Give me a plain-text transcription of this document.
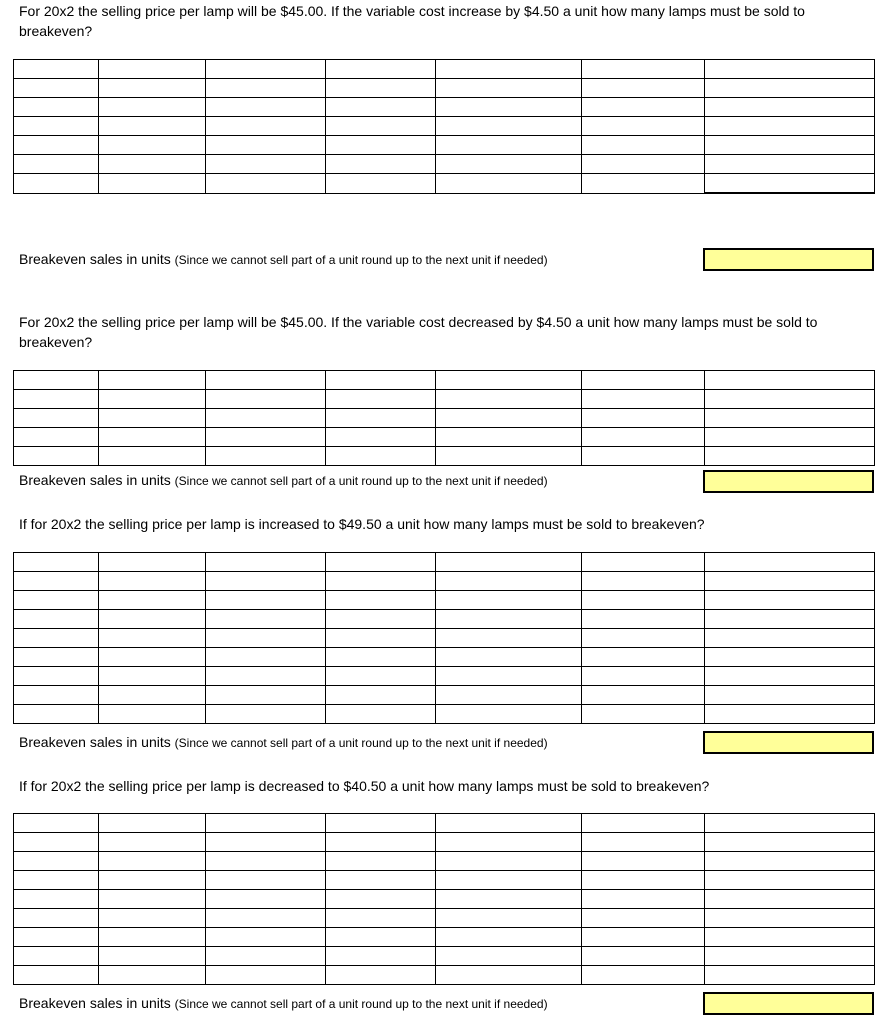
For 20x2 the selling price per lamp will be $45.00. If the variable cost increase by $4.50 a unit how many lamps must be sold to breakeven?

Breakeven sales in units (Since we cannot sell part of a unit round up to the next unit if needed)

For 20x2 the selling price per lamp will be $45.00. If the variable cost decreased by $4.50 a unit how many lamps must be sold to breakeven?

Breakeven sales in units (Since we cannot sell part of a unit round up to the next unit if needed)

If for 20x2 the selling price per lamp is increased to $49.50 a unit how many lamps must be sold to breakeven?

Breakeven sales in units (Since we cannot sell part of a unit round up to the next unit if needed)

If for 20x2 the selling price per lamp is decreased to $40.50 a unit how many lamps must be sold to breakeven?

Breakeven sales in units (Since we cannot sell part of a unit round up to the next unit if needed)
